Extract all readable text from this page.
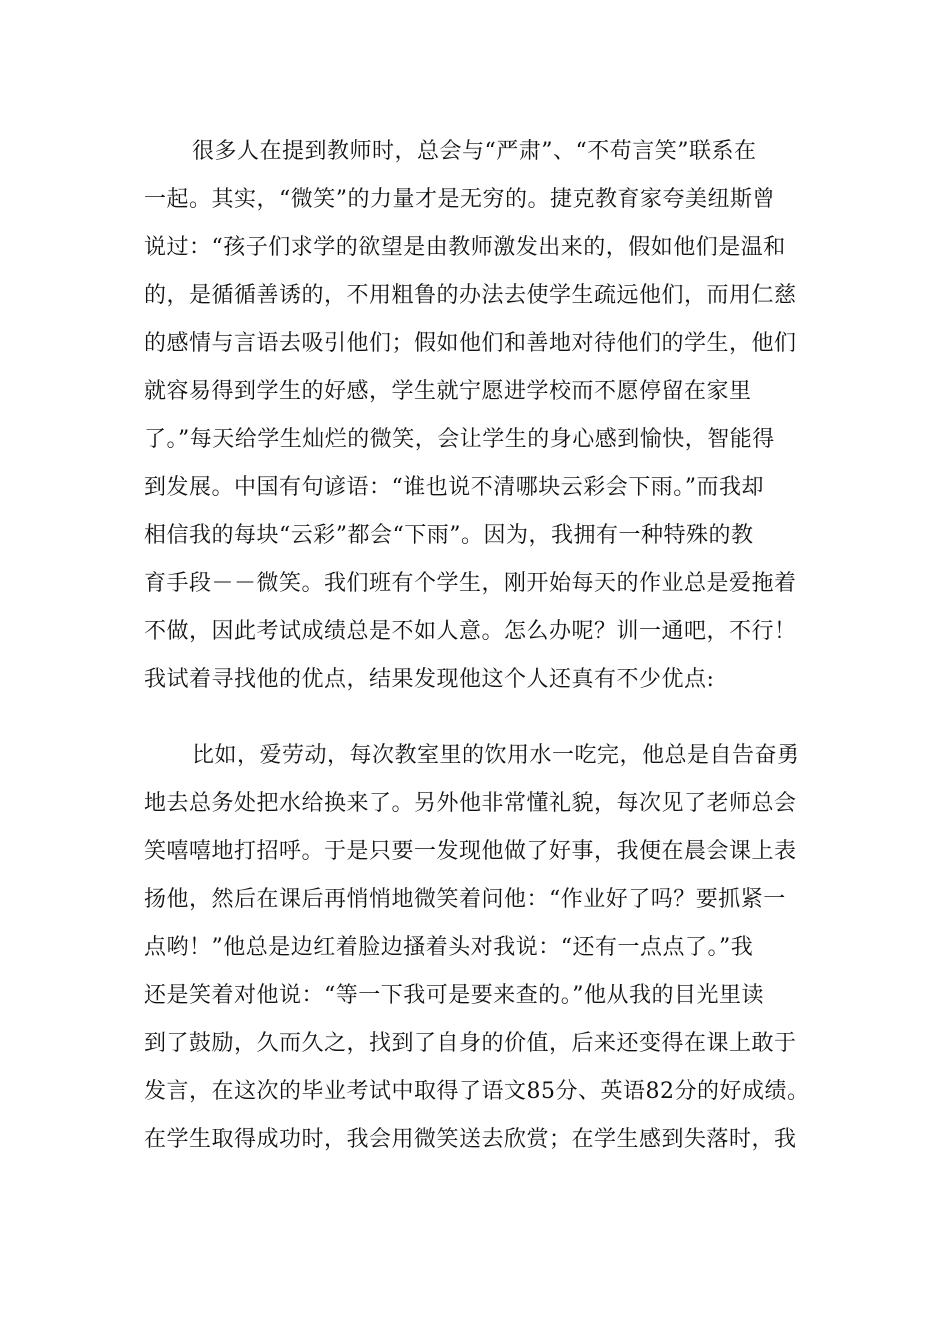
很多人在提到教师时，总会与“严肃”、“不苟言笑”联系在
一起。其实，“微笑”的力量才是无穷的。捷克教育家夸美纽斯曾
说过：“孩子们求学的欲望是由教师激发出来的，假如他们是温和
的，是循循善诱的，不用粗鲁的办法去使学生疏远他们，而用仁慈
的感情与言语去吸引他们；假如他们和善地对待他们的学生，他们
就容易得到学生的好感，学生就宁愿进学校而不愿停留在家里
了。”每天给学生灿烂的微笑，会让学生的身心感到愉快，智能得
到发展。中国有句谚语：“谁也说不清哪块云彩会下雨。”而我却
相信我的每块“云彩”都会“下雨”。因为，我拥有一种特殊的教
育手段－－微笑。我们班有个学生，刚开始每天的作业总是爱拖着
不做，因此考试成绩总是不如人意。怎么办呢？训一通吧，不行！
我试着寻找他的优点，结果发现他这个人还真有不少优点:
比如，爱劳动，每次教室里的饮用水一吃完，他总是自告奋勇
地去总务处把水给换来了。另外他非常懂礼貌，每次见了老师总会
笑嘻嘻地打招呼。于是只要一发现他做了好事，我便在晨会课上表
扬他，然后在课后再悄悄地微笑着问他：“作业好了吗？要抓紧一
点哟！”他总是边红着脸边搔着头对我说：“还有一点点了。”我
还是笑着对他说：“等一下我可是要来查的。”他从我的目光里读
到了鼓励，久而久之，找到了自身的价值，后来还变得在课上敢于
发言，在这次的毕业考试中取得了语文85分、英语82分的好成绩。
在学生取得成功时，我会用微笑送去欣赏；在学生感到失落时，我
